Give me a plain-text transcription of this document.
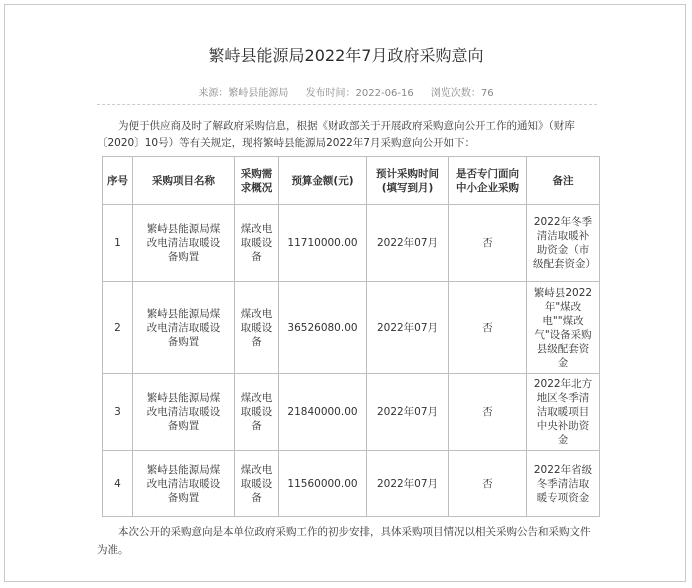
繁峙县能源局2022年7月政府采购意向
来源：繁峙县能源局 发布时间：2022-06-16 浏览次数：76
为便于供应商及时了解政府采购信息，根据《财政部关于开展政府采购意向公开工作的通知》（财库〔2020〕10号）等有关规定，现将繁峙县能源局2022年7月采购意向公开如下：
序号	采购项目名称	采购需求概况	预算金额(元)	预计采购时间(填写到月)	是否专门面向中小企业采购	备注
1	繁峙县能源局煤改电清洁取暖设备购置	煤改电取暖设备	11710000.00	2022年07月	否	2022年冬季清洁取暖补助资金（市级配套资金）
2	繁峙县能源局煤改电清洁取暖设备购置	煤改电取暖设备	36526080.00	2022年07月	否	繁峙县2022年"煤改电""煤改气"设备采购县级配套资金
3	繁峙县能源局煤改电清洁取暖设备购置	煤改电取暖设备	21840000.00	2022年07月	否	2022年北方地区冬季清洁取暖项目中央补助资金
4	繁峙县能源局煤改电清洁取暖设备购置	煤改电取暖设备	11560000.00	2022年07月	否	2022年省级冬季清洁取暖专项资金
本次公开的采购意向是本单位政府采购工作的初步安排，具体采购项目情况以相关采购公告和采购文件为准。
